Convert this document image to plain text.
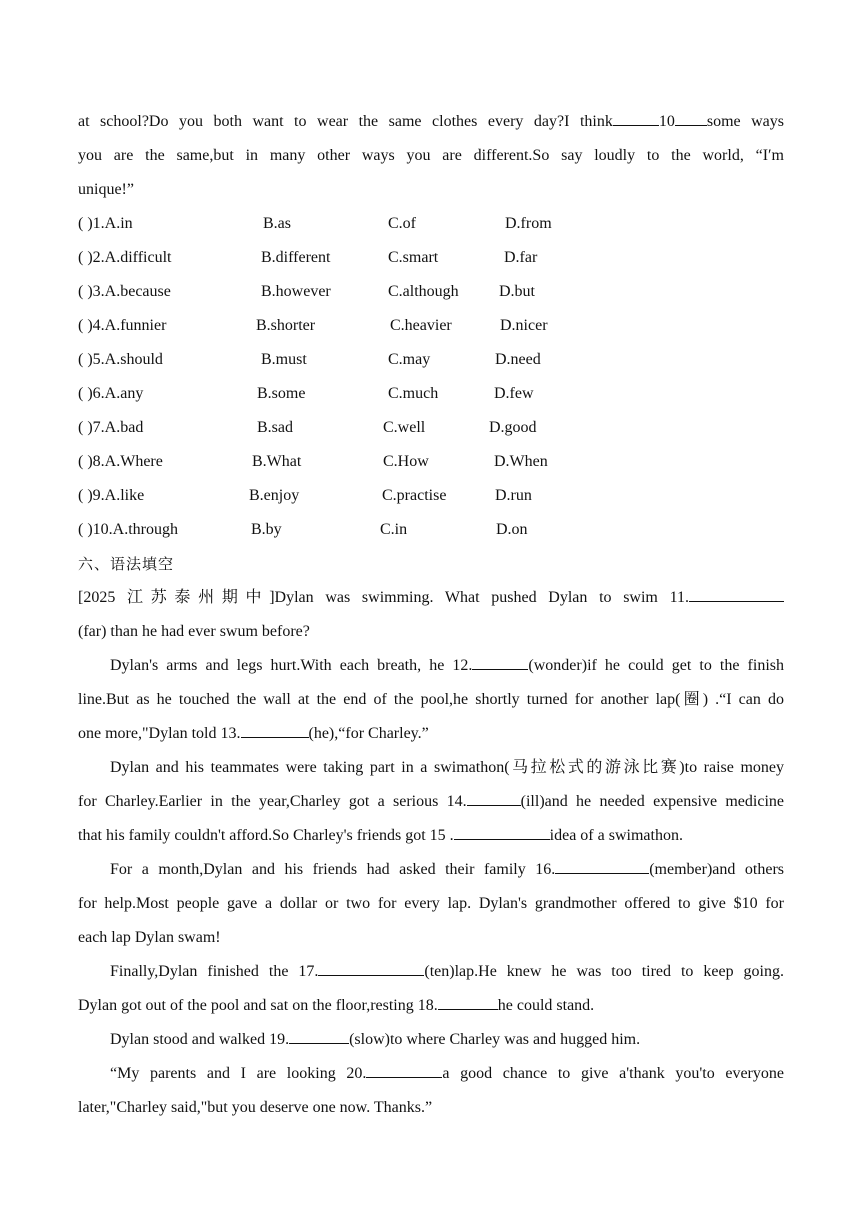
at school?Do you both want to wear the same clothes every day?I think	10 some ways
you are the same,but in many other ways you are different.So say loudly to the world, “I′m
unique!”
( )1.A.in	B.as	C.of	D.from
( )2.A.difficult	B.different	C.smart	D.far
( )3.A.because	B.however	C.although	D.but
( )4.A.funnier	B.shorter	C.heavier	D.nicer
( )5.A.should	B.must	C.may	D.need
( )6.A.any	B.some	C.much	D.few
( )7.A.bad	B.sad	C.well	D.good
( )8.A.Where	B.What	C.How	D.When
( )9.A.like	B.enjoy	C.practise	D.run
( )10.A.through	B.by	C.in	D.on
六、语法填空
[2025 江苏泰州期中]Dylan was swimming. What pushed Dylan to swim 11.
(far) than he had ever swum before?
Dylan's arms and legs hurt.With each breath, he 12.	(wonder)if he could get to the finish
line.But as he touched the wall at the end of the pool,he shortly turned for another lap(圈) .“I can do
one more,"Dylan told 13.	(he),“for Charley.”
Dylan and his teammates were taking part in a swimathon(马拉松式的游泳比赛)to raise money
for Charley.Earlier in the year,Charley got a serious 14.	(ill)and he needed expensive medicine
that his family couldn't afford.So Charley's friends got 15 .	idea of a swimathon.
For a month,Dylan and his friends had asked their family 16.	(member)and others
for help.Most people gave a dollar or two for every lap. Dylan's grandmother offered to give $10 for
each lap Dylan swam!
Finally,Dylan finished the 17.	(ten)lap.He knew he was too tired to keep going.
Dylan got out of the pool and sat on the floor,resting 18.	he could stand.
Dylan stood and walked 19.	(slow)to where Charley was and hugged him.
“My parents and I are looking 20.	a good chance to give a'thank you'to everyone
later,"Charley said,"but you deserve one now. Thanks.”
